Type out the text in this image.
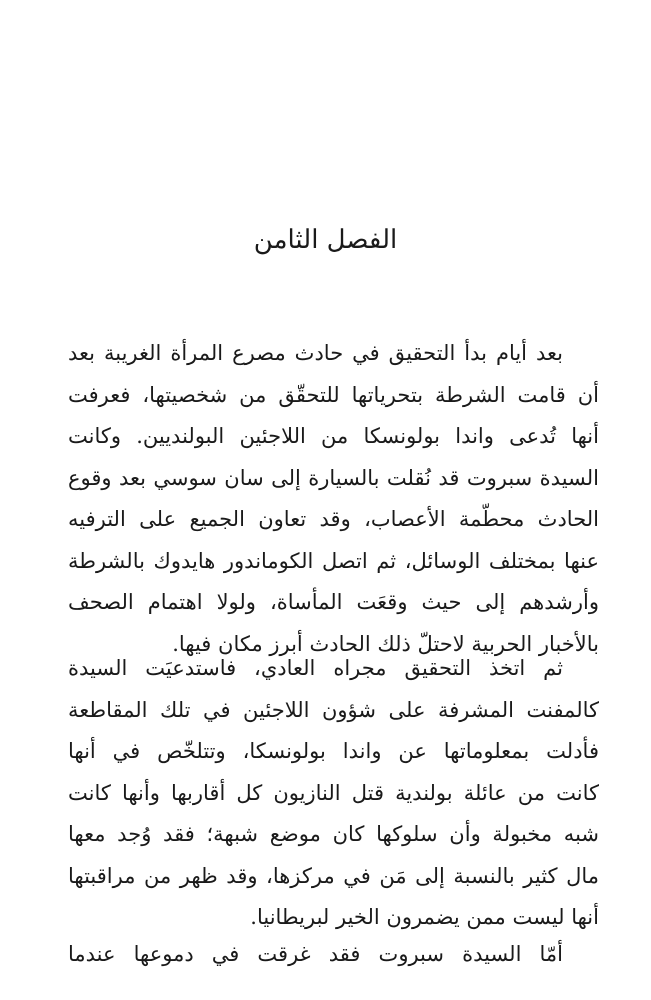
الفصل الثامن

بعد أيام بدأ التحقيق في حادث مصرع المرأة الغريبة بعد
أن قامت الشرطة بتحرياتها للتحقّق من شخصيتها، فعرفت
أنها تُدعى واندا بولونسكا من اللاجئين البولنديين. وكانت
السيدة سبروت قد نُقلت بالسيارة إلى سان سوسي بعد وقوع
الحادث محطّمة الأعصاب، وقد تعاون الجميع على الترفيه
عنها بمختلف الوسائل، ثم اتصل الكوماندور هايدوك بالشرطة
وأرشدهم إلى حيث وقعَت المأساة، ولولا اهتمام الصحف
بالأخبار الحربية لاحتلّ ذلك الحادث أبرز مكان فيها.

ثم اتخذ التحقيق مجراه العادي، فاستدعيَت السيدة
كالمفنت المشرفة على شؤون اللاجئين في تلك المقاطعة
فأدلت بمعلوماتها عن واندا بولونسكا، وتتلخّص في أنها
كانت من عائلة بولندية قتل النازيون كل أقاربها وأنها كانت
شبه مخبولة وأن سلوكها كان موضع شبهة؛ فقد وُجد معها
مال كثير بالنسبة إلى مَن في مركزها، وقد ظهر من مراقبتها
أنها ليست ممن يضمرون الخير لبريطانيا.

أمّا السيدة سبروت فقد غرقت في دموعها عندما
